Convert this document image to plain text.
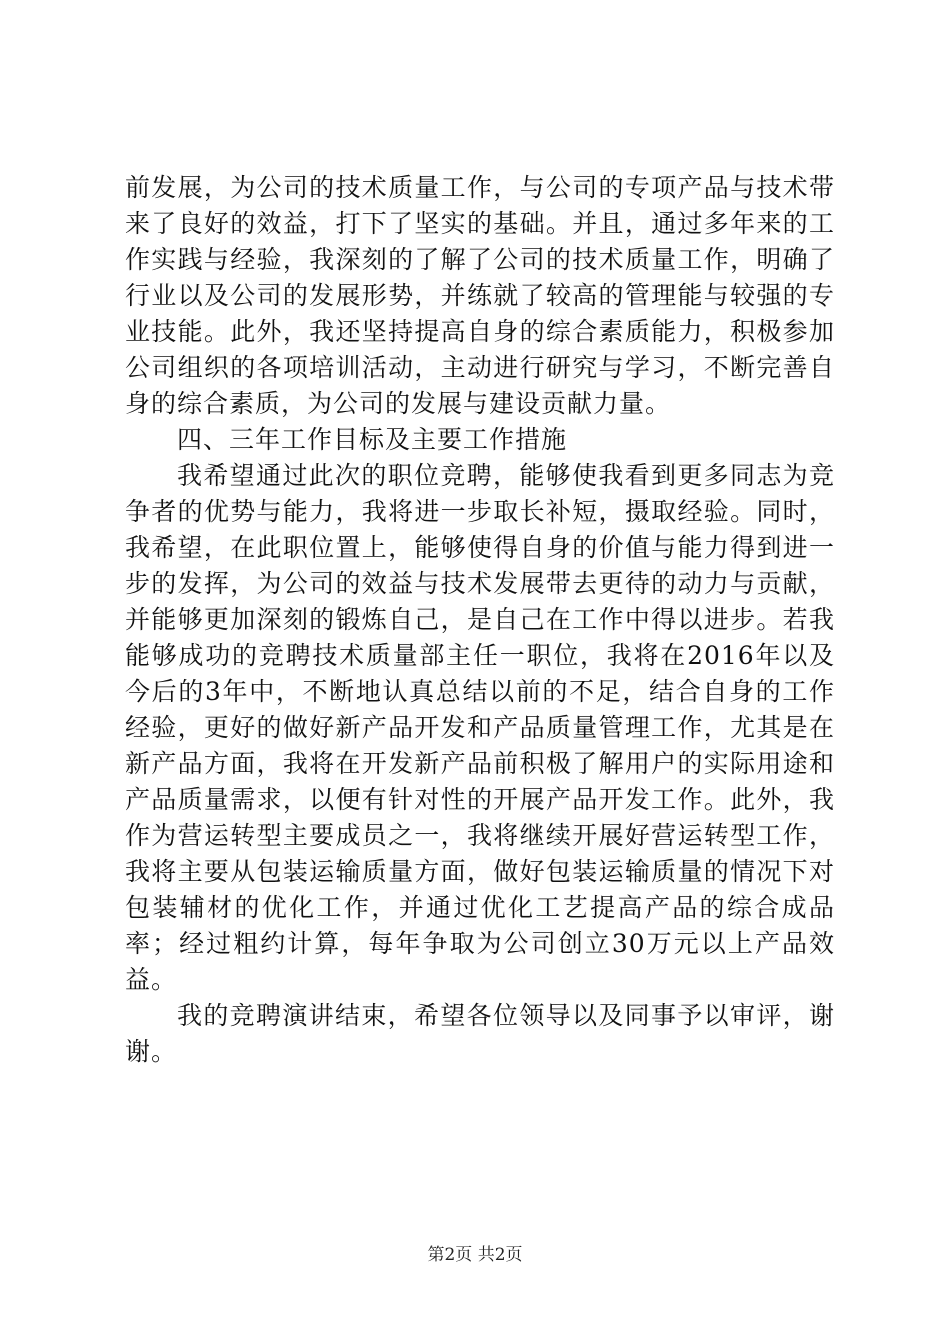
前发展，为公司的技术质量工作，与公司的专项产品与技术带来了良好的效益，打下了坚实的基础。并且，通过多年来的工作实践与经验，我深刻的了解了公司的技术质量工作，明确了行业以及公司的发展形势，并练就了较高的管理能与较强的专业技能。此外，我还坚持提高自身的综合素质能力，积极参加公司组织的各项培训活动，主动进行研究与学习，不断完善自身的综合素质，为公司的发展与建设贡献力量。

四、三年工作目标及主要工作措施

我希望通过此次的职位竞聘，能够使我看到更多同志为竞争者的优势与能力，我将进一步取长补短，摄取经验。同时，我希望，在此职位置上，能够使得自身的价值与能力得到进一步的发挥，为公司的效益与技术发展带去更待的动力与贡献，并能够更加深刻的锻炼自己，是自己在工作中得以进步。若我能够成功的竞聘技术质量部主任一职位，我将在2016年以及今后的3年中，不断地认真总结以前的不足，结合自身的工作经验，更好的做好新产品开发和产品质量管理工作，尤其是在新产品方面，我将在开发新产品前积极了解用户的实际用途和产品质量需求，以便有针对性的开展产品开发工作。此外，我作为营运转型主要成员之一，我将继续开展好营运转型工作，我将主要从包装运输质量方面，做好包装运输质量的情况下对包装辅材的优化工作，并通过优化工艺提高产品的综合成品率；经过粗约计算，每年争取为公司创立30万元以上产品效益。

我的竞聘演讲结束，希望各位领导以及同事予以审评，谢谢。

第2页 共2页
